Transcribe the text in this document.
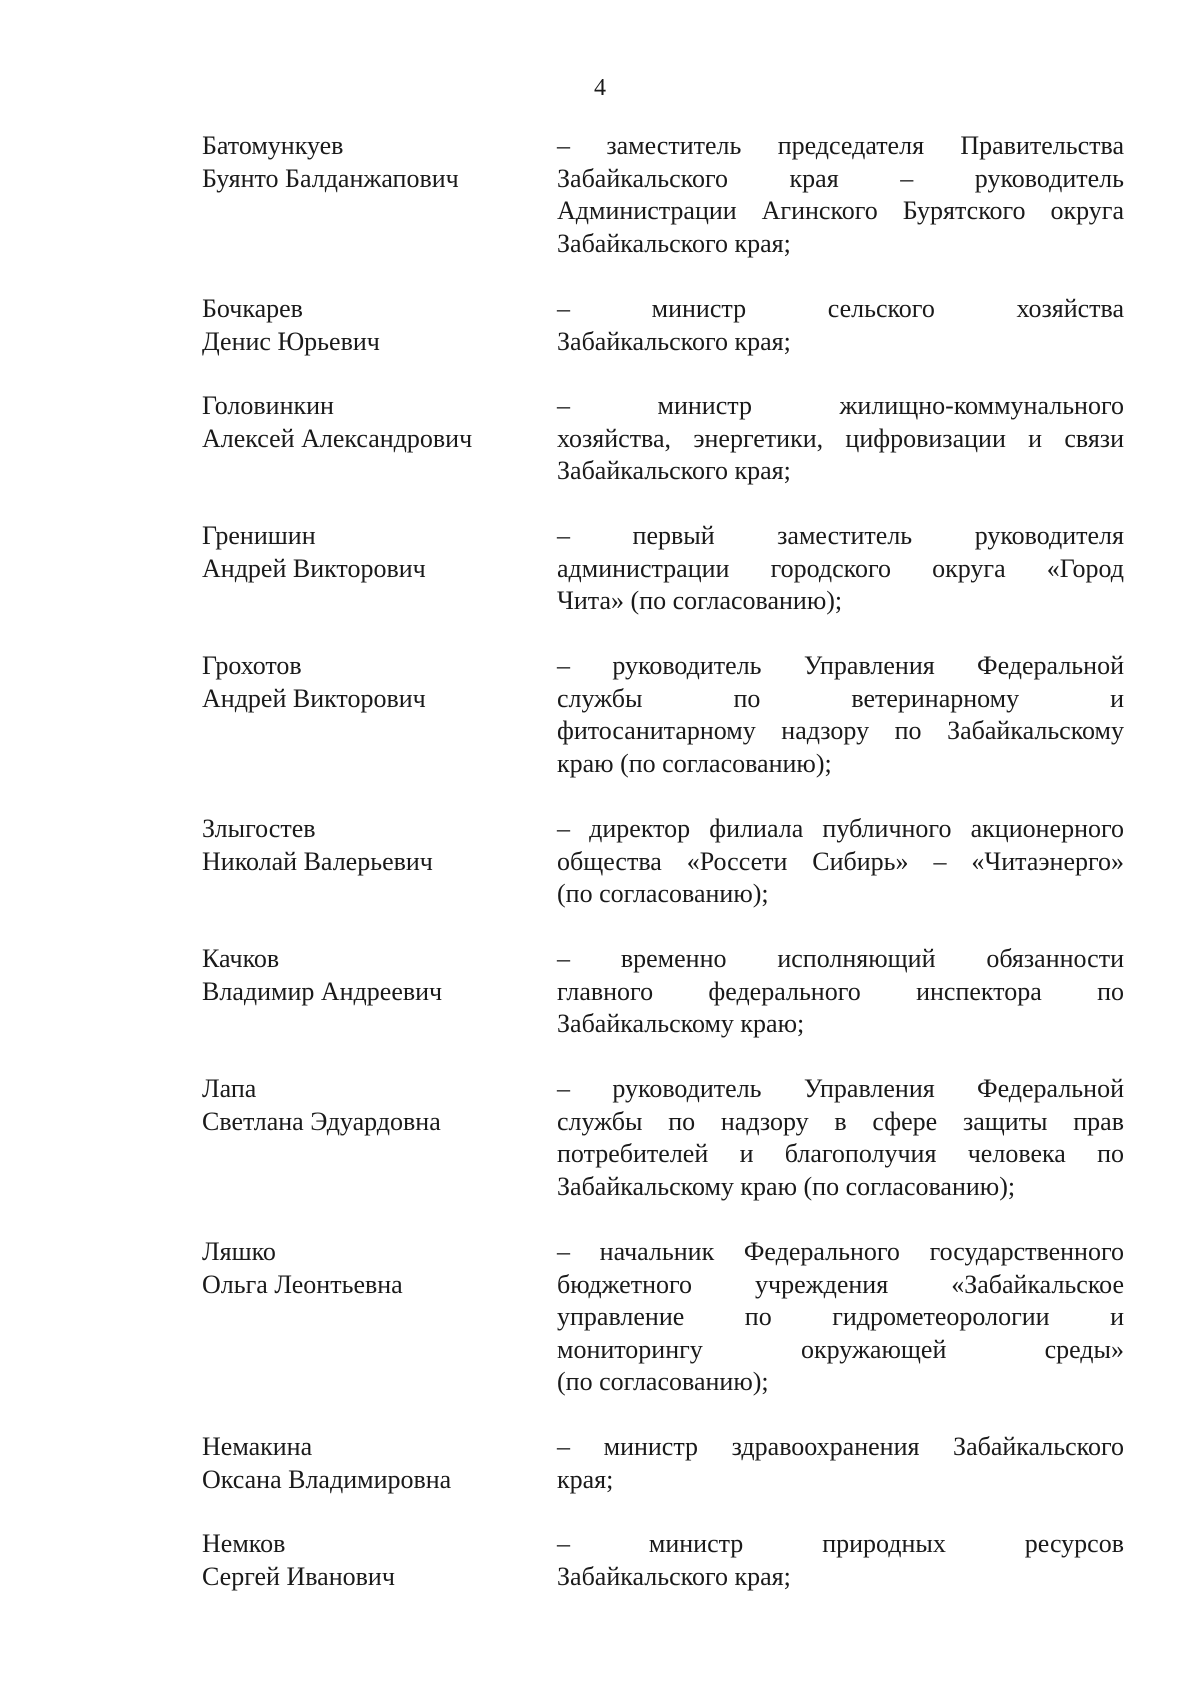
4
Батомункуев
Буянто Балданжапович
– заместитель председателя Правительства
Забайкальского края – руководитель
Администрации Агинского Бурятского округа
Забайкальского края;
Бочкарев
Денис Юрьевич
– министр сельского хозяйства
Забайкальского края;
Головинкин
Алексей Александрович
– министр жилищно-коммунального
хозяйства, энергетики, цифровизации и связи
Забайкальского края;
Гренишин
Андрей Викторович
– первый заместитель руководителя
администрации городского округа «Город
Чита» (по согласованию);
Грохотов
Андрей Викторович
– руководитель Управления Федеральной
службы по ветеринарному и
фитосанитарному надзору по Забайкальскому
краю (по согласованию);
Злыгостев
Николай Валерьевич
– директор филиала публичного акционерного
общества «Россети Сибирь» – «Читаэнерго»
(по согласованию);
Качков
Владимир Андреевич
– временно исполняющий обязанности
главного федерального инспектора по
Забайкальскому краю;
Лапа
Светлана Эдуардовна
– руководитель Управления Федеральной
службы по надзору в сфере защиты прав
потребителей и благополучия человека по
Забайкальскому краю (по согласованию);
Ляшко
Ольга Леонтьевна
– начальник Федерального государственного
бюджетного учреждения «Забайкальское
управление по гидрометеорологии и
мониторингу окружающей среды»
(по согласованию);
Немакина
Оксана Владимировна
– министр здравоохранения Забайкальского
края;
Немков
Сергей Иванович
– министр природных ресурсов
Забайкальского края;
